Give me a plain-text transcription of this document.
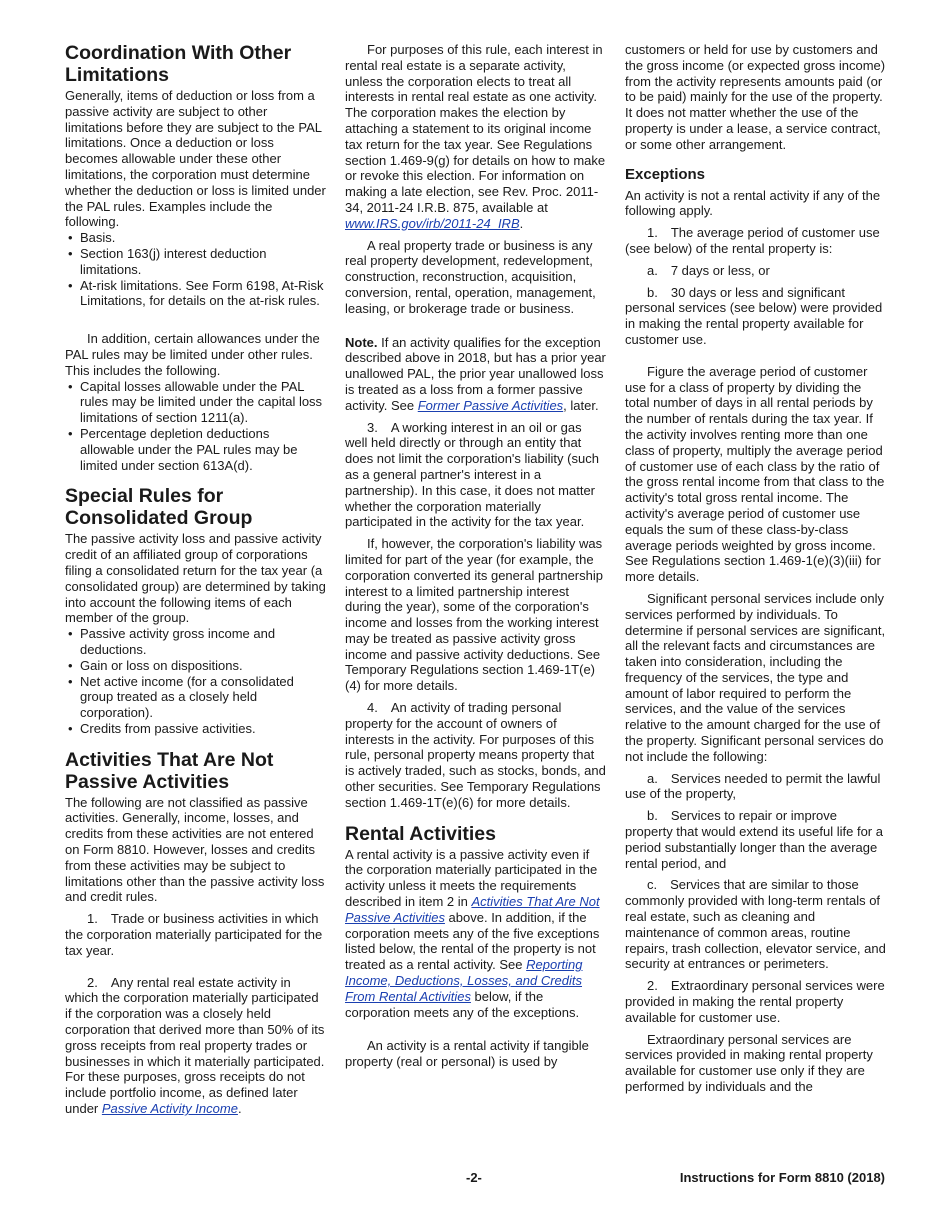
Coordination With Other Limitations

Generally, items of deduction or loss from a passive activity are subject to other limitations before they are subject to the PAL limitations. Once a deduction or loss becomes allowable under these other limitations, the corporation must determine whether the deduction or loss is limited under the PAL rules. Examples include the following.

• Basis.

• Section 163(j) interest deduction limitations.

• At-risk limitations. See Form 6198, At-Risk Limitations, for details on the at-risk rules.

In addition, certain allowances under the PAL rules may be limited under other rules. This includes the following.

• Capital losses allowable under the PAL rules may be limited under the capital loss limitations of section 1211(a).

• Percentage depletion deductions allowable under the PAL rules may be limited under section 613A(d).

Special Rules for Consolidated Group

The passive activity loss and passive activity credit of an affiliated group of corporations filing a consolidated return for the tax year (a consolidated group) are determined by taking into account the following items of each member of the group.

• Passive activity gross income and deductions.

• Gain or loss on dispositions.

• Net active income (for a consolidated group treated as a closely held corporation).

• Credits from passive activities.

Activities That Are Not Passive Activities

The following are not classified as passive activities. Generally, income, losses, and credits from these activities are not entered on Form 8810. However, losses and credits from these activities may be subject to limitations other than the passive activity loss and credit rules.

1. Trade or business activities in which the corporation materially participated for the tax year.

2. Any rental real estate activity in which the corporation materially participated if the corporation was a closely held corporation that derived more than 50% of its gross receipts from real property trades or businesses in which it materially participated. For these purposes, gross receipts do not include portfolio income, as defined later under Passive Activity Income.

For purposes of this rule, each interest in rental real estate is a separate activity, unless the corporation elects to treat all interests in rental real estate as one activity. The corporation makes the election by attaching a statement to its original income tax return for the tax year. See Regulations section 1.469-9(g) for details on how to make or revoke this election. For information on making a late election, see Rev. Proc. 2011-34, 2011-24 I.R.B. 875, available at www.IRS.gov/irb/2011-24_IRB.

A real property trade or business is any real property development, redevelopment, construction, reconstruction, acquisition, conversion, rental, operation, management, leasing, or brokerage trade or business.

Note. If an activity qualifies for the exception described above in 2018, but has a prior year unallowed PAL, the prior year unallowed loss is treated as a loss from a former passive activity. See Former Passive Activities, later.

3. A working interest in an oil or gas well held directly or through an entity that does not limit the corporation's liability (such as a general partner's interest in a partnership). In this case, it does not matter whether the corporation materially participated in the activity for the tax year.

If, however, the corporation's liability was limited for part of the year (for example, the corporation converted its general partnership interest to a limited partnership interest during the year), some of the corporation's income and losses from the working interest may be treated as passive activity gross income and passive activity deductions. See Temporary Regulations section 1.469-1T(e)(4) for more details.

4. An activity of trading personal property for the account of owners of interests in the activity. For purposes of this rule, personal property means property that is actively traded, such as stocks, bonds, and other securities. See Temporary Regulations section 1.469-1T(e)(6) for more details.

Rental Activities

A rental activity is a passive activity even if the corporation materially participated in the activity unless it meets the requirements described in item 2 in Activities That Are Not Passive Activities above. In addition, if the corporation meets any of the five exceptions listed below, the rental of the property is not treated as a rental activity. See Reporting Income, Deductions, Losses, and Credits From Rental Activities below, if the corporation meets any of the exceptions.

An activity is a rental activity if tangible property (real or personal) is used by

customers or held for use by customers and the gross income (or expected gross income) from the activity represents amounts paid (or to be paid) mainly for the use of the property. It does not matter whether the use of the property is under a lease, a service contract, or some other arrangement.

Exceptions

An activity is not a rental activity if any of the following apply.

1. The average period of customer use (see below) of the rental property is:

a. 7 days or less, or

b. 30 days or less and significant personal services (see below) were provided in making the rental property available for customer use.

Figure the average period of customer use for a class of property by dividing the total number of days in all rental periods by the number of rentals during the tax year. If the activity involves renting more than one class of property, multiply the average period of customer use of each class by the ratio of the gross rental income from that class to the activity's total gross rental income. The activity's average period of customer use equals the sum of these class-by-class average periods weighted by gross income. See Regulations section 1.469-1(e)(3)(iii) for more details.

Significant personal services include only services performed by individuals. To determine if personal services are significant, all the relevant facts and circumstances are taken into consideration, including the frequency of the services, the type and amount of labor required to perform the services, and the value of the services relative to the amount charged for the use of the property. Significant personal services do not include the following:

a. Services needed to permit the lawful use of the property,

b. Services to repair or improve property that would extend its useful life for a period substantially longer than the average rental period, and

c. Services that are similar to those commonly provided with long-term rentals of real estate, such as cleaning and maintenance of common areas, routine repairs, trash collection, elevator service, and security at entrances or perimeters.

2. Extraordinary personal services were provided in making the rental property available for customer use.

Extraordinary personal services are services provided in making rental property available for customer use only if they are performed by individuals and the

-2-	Instructions for Form 8810 (2018)
